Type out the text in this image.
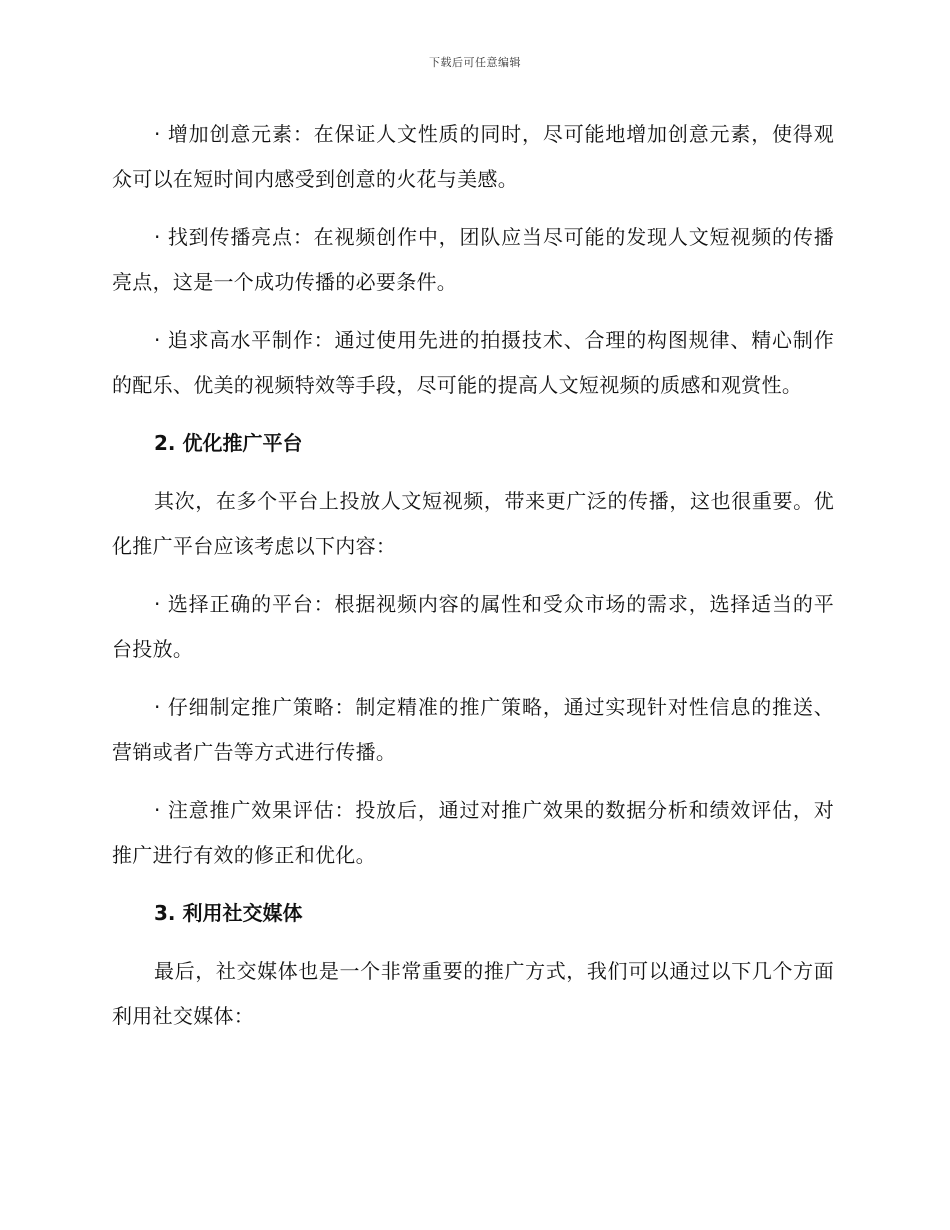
下载后可任意编辑

· 增加创意元素：在保证人文性质的同时，尽可能地增加创意元素，使得观众可以在短时间内感受到创意的火花与美感。

· 找到传播亮点：在视频创作中，团队应当尽可能的发现人文短视频的传播亮点，这是一个成功传播的必要条件。

· 追求高水平制作：通过使用先进的拍摄技术、合理的构图规律、精心制作的配乐、优美的视频特效等手段，尽可能的提高人文短视频的质感和观赏性。

2. 优化推广平台

其次，在多个平台上投放人文短视频，带来更广泛的传播，这也很重要。优化推广平台应该考虑以下内容：

· 选择正确的平台：根据视频内容的属性和受众市场的需求，选择适当的平台投放。

· 仔细制定推广策略：制定精准的推广策略，通过实现针对性信息的推送、营销或者广告等方式进行传播。

· 注意推广效果评估：投放后，通过对推广效果的数据分析和绩效评估，对推广进行有效的修正和优化。

3. 利用社交媒体

最后，社交媒体也是一个非常重要的推广方式，我们可以通过以下几个方面利用社交媒体：
